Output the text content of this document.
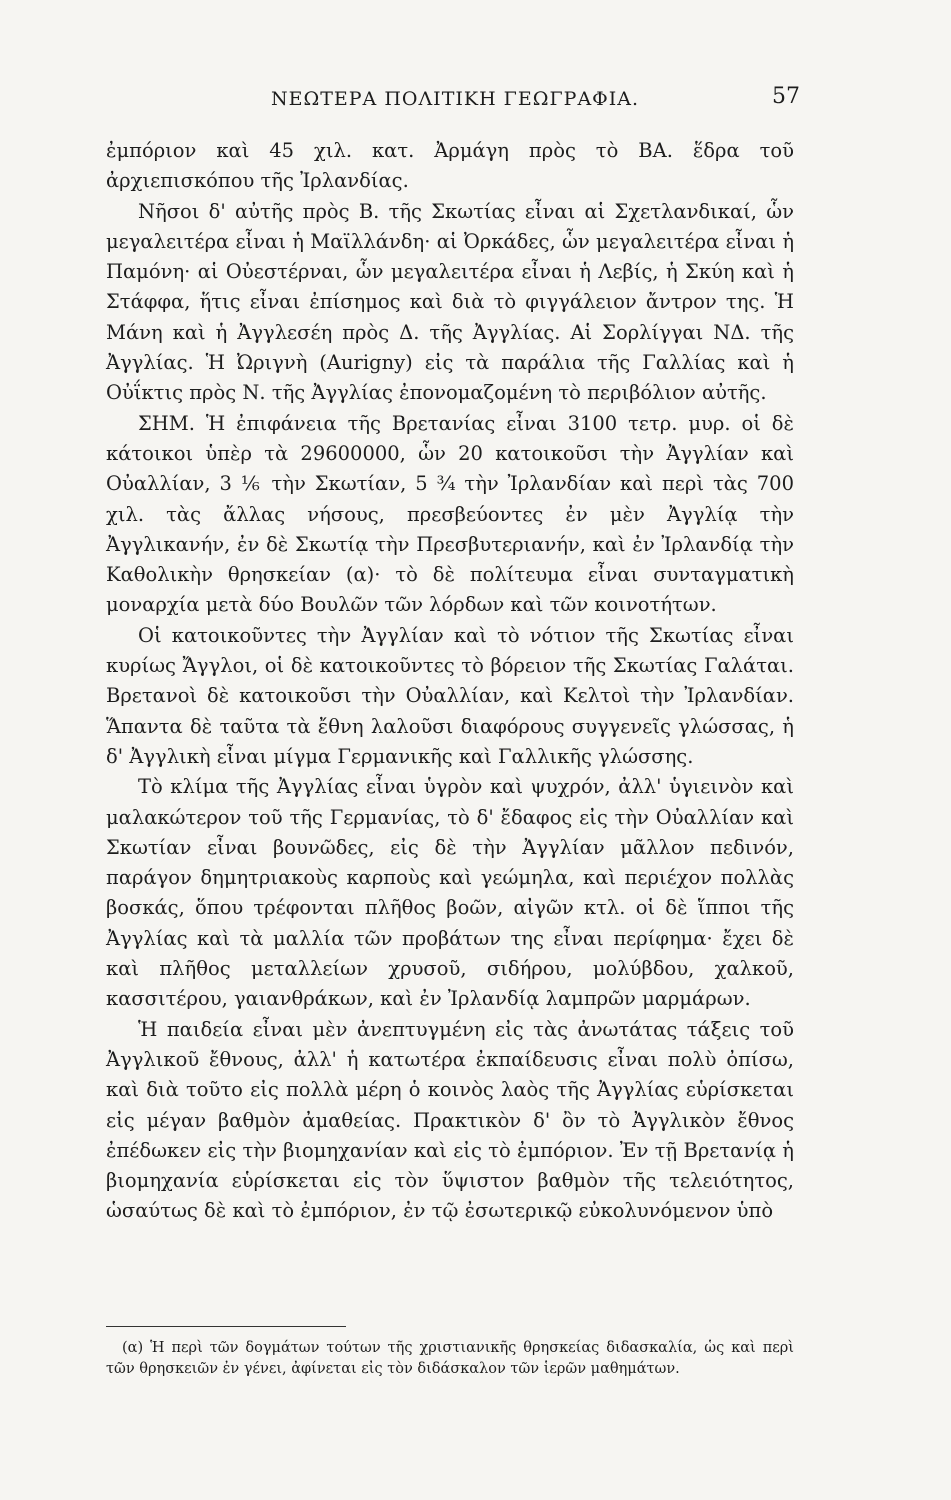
ΝΕΩΤΕΡΑ ΠΟΛΙΤΙΚΗ ΓΕΩΓΡΑΦΙΑ.	57

ἐμπόριον καὶ 45 χιλ. κατ. Ἀρμάγη πρὸς τὸ ΒΑ. ἕδρα τοῦ ἀρχιεπισκόπου τῆς Ἰρλανδίας.

Νῆσοι δ' αὐτῆς πρὸς Β. τῆς Σκωτίας εἶναι αἱ Σχετλανδικαί, ὧν μεγαλειτέρα εἶναι ἡ Μαϊλλάνδη· αἱ Ὀρκάδες, ὧν μεγαλειτέρα εἶναι ἡ Παμόνη· αἱ Οὐεστέρναι, ὧν μεγαλειτέρα εἶναι ἡ Λεβίς, ἡ Σκύη καὶ ἡ Στάφφα, ἥτις εἶναι ἐπίσημος καὶ διὰ τὸ φιγγάλειον ἄντρον της. Ἡ Μάνη καὶ ἡ Ἀγγλεσέη πρὸς Δ. τῆς Ἀγγλίας. Αἱ Σορλίγγαι ΝΔ. τῆς Ἀγγλίας. Ἡ Ὠριγνὴ (Aurigny) εἰς τὰ παράλια τῆς Γαλλίας καὶ ἡ Οὐΐκτις πρὸς Ν. τῆς Ἀγγλίας ἐπονομαζομένη τὸ περιβόλιον αὐτῆς.

ΣΗΜ. Ἡ ἐπιφάνεια τῆς Βρετανίας εἶναι 3100 τετρ. μυρ. οἱ δὲ κάτοικοι ὑπὲρ τὰ 29600000, ὧν 20 κατοικοῦσι τὴν Ἀγγλίαν καὶ Οὐαλλίαν, 3 ⅙ τὴν Σκωτίαν, 5 ¾ τὴν Ἰρλανδίαν καὶ περὶ τὰς 700 χιλ. τὰς ἄλλας νήσους, πρεσβεύοντες ἐν μὲν Ἀγγλίᾳ τὴν Ἀγγλικανήν, ἐν δὲ Σκωτίᾳ τὴν Πρεσβυτεριανήν, καὶ ἐν Ἰρλανδίᾳ τὴν Καθολικὴν θρησκείαν (α)· τὸ δὲ πολίτευμα εἶναι συνταγματικὴ μοναρχία μετὰ δύο Βουλῶν τῶν λόρδων καὶ τῶν κοινοτήτων.

Οἱ κατοικοῦντες τὴν Ἀγγλίαν καὶ τὸ νότιον τῆς Σκωτίας εἶναι κυρίως Ἄγγλοι, οἱ δὲ κατοικοῦντες τὸ βόρειον τῆς Σκωτίας Γαλάται. Βρετανοὶ δὲ κατοικοῦσι τὴν Οὐαλλίαν, καὶ Κελτοὶ τὴν Ἰρλανδίαν. Ἅπαντα δὲ ταῦτα τὰ ἔθνη λαλοῦσι διαφόρους συγγενεῖς γλώσσας, ἡ δ' Ἀγγλικὴ εἶναι μίγμα Γερμανικῆς καὶ Γαλλικῆς γλώσσης.

Τὸ κλίμα τῆς Ἀγγλίας εἶναι ὑγρὸν καὶ ψυχρόν, ἀλλ' ὑγιεινὸν καὶ μαλακώτερον τοῦ τῆς Γερμανίας, τὸ δ' ἔδαφος εἰς τὴν Οὐαλλίαν καὶ Σκωτίαν εἶναι βουνῶδες, εἰς δὲ τὴν Ἀγγλίαν μᾶλλον πεδινόν, παράγον δημητριακοὺς καρποὺς καὶ γεώμηλα, καὶ περιέχον πολλὰς βοσκάς, ὅπου τρέφονται πλῆθος βοῶν, αἰγῶν κτλ. οἱ δὲ ἵπποι τῆς Ἀγγλίας καὶ τὰ μαλλία τῶν προβάτων της εἶναι περίφημα· ἔχει δὲ καὶ πλῆθος μεταλλείων χρυσοῦ, σιδήρου, μολύβδου, χαλκοῦ, κασσιτέρου, γαιανθράκων, καὶ ἐν Ἰρλανδίᾳ λαμπρῶν μαρμάρων.

Ἡ παιδεία εἶναι μὲν ἀνεπτυγμένη εἰς τὰς ἀνωτάτας τάξεις τοῦ Ἀγγλικοῦ ἔθνους, ἀλλ' ἡ κατωτέρα ἐκπαίδευσις εἶναι πολὺ ὀπίσω, καὶ διὰ τοῦτο εἰς πολλὰ μέρη ὁ κοινὸς λαὸς τῆς Ἀγγλίας εὑρίσκεται εἰς μέγαν βαθμὸν ἀμαθείας. Πρακτικὸν δ' ὂν τὸ Ἀγγλικὸν ἔθνος ἐπέδωκεν εἰς τὴν βιομηχανίαν καὶ εἰς τὸ ἐμπόριον. Ἐν τῇ Βρετανίᾳ ἡ βιομηχανία εὑρίσκεται εἰς τὸν ὕψιστον βαθμὸν τῆς τελειότητος, ὡσαύτως δὲ καὶ τὸ ἐμπόριον, ἐν τῷ ἐσωτερικῷ εὐκολυνόμενον ὑπὸ

(α) Ἡ περὶ τῶν δογμάτων τούτων τῆς χριστιανικῆς θρησκείας διδασκαλία, ὡς καὶ περὶ τῶν θρησκειῶν ἐν γένει, ἀφίνεται εἰς τὸν διδάσκαλον τῶν ἱερῶν μαθημάτων.
